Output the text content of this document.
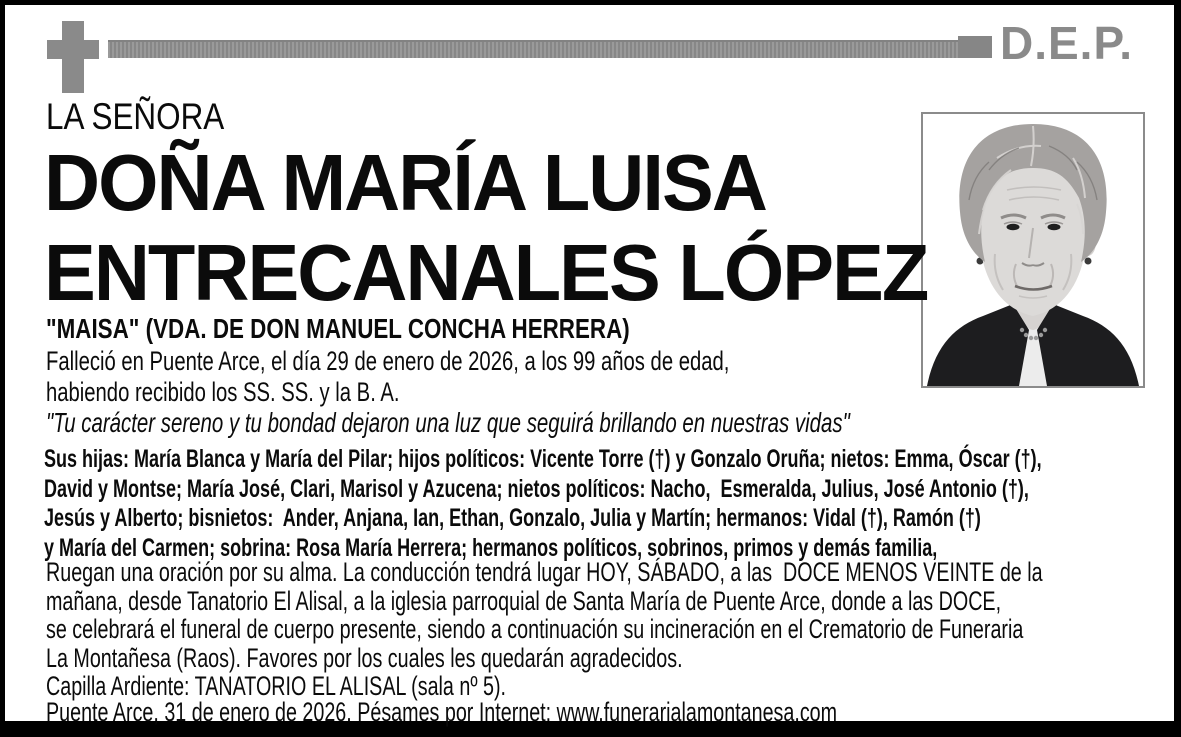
D.E.P.
LA SEÑORA
DOÑA MARÍA LUISA
ENTRECANALES LÓPEZ
"MAISA" (VDA. DE DON MANUEL CONCHA HERRERA)
Falleció en Puente Arce, el día 29 de enero de 2026, a los 99 años de edad,
habiendo recibido los SS. SS. y la B. A.
"Tu carácter sereno y tu bondad dejaron una luz que seguirá brillando en nuestras vidas"
Sus hijas: María Blanca y María del Pilar; hijos políticos: Vicente Torre (†) y Gonzalo Oruña; nietos: Emma, Óscar (†),
David y Montse; María José, Clari, Marisol y Azucena; nietos políticos: Nacho,  Esmeralda, Julius, José Antonio (†),
Jesús y Alberto; bisnietos:  Ander, Anjana, Ian, Ethan, Gonzalo, Julia y Martín; hermanos: Vidal (†), Ramón (†)
y María del Carmen; sobrina: Rosa María Herrera; hermanos políticos, sobrinos, primos y demás familia,
Ruegan una oración por su alma. La conducción tendrá lugar HOY, SÁBADO, a las  DOCE MENOS VEINTE de la
mañana, desde Tanatorio El Alisal, a la iglesia parroquial de Santa María de Puente Arce, donde a las DOCE,
se celebrará el funeral de cuerpo presente, siendo a continuación su incineración en el Crematorio de Funeraria
La Montañesa (Raos). Favores por los cuales les quedarán agradecidos.
Capilla Ardiente: TANATORIO EL ALISAL (sala nº 5).
Puente Arce, 31 de enero de 2026. Pésames por Internet: www.funerarialamontanesa.com
